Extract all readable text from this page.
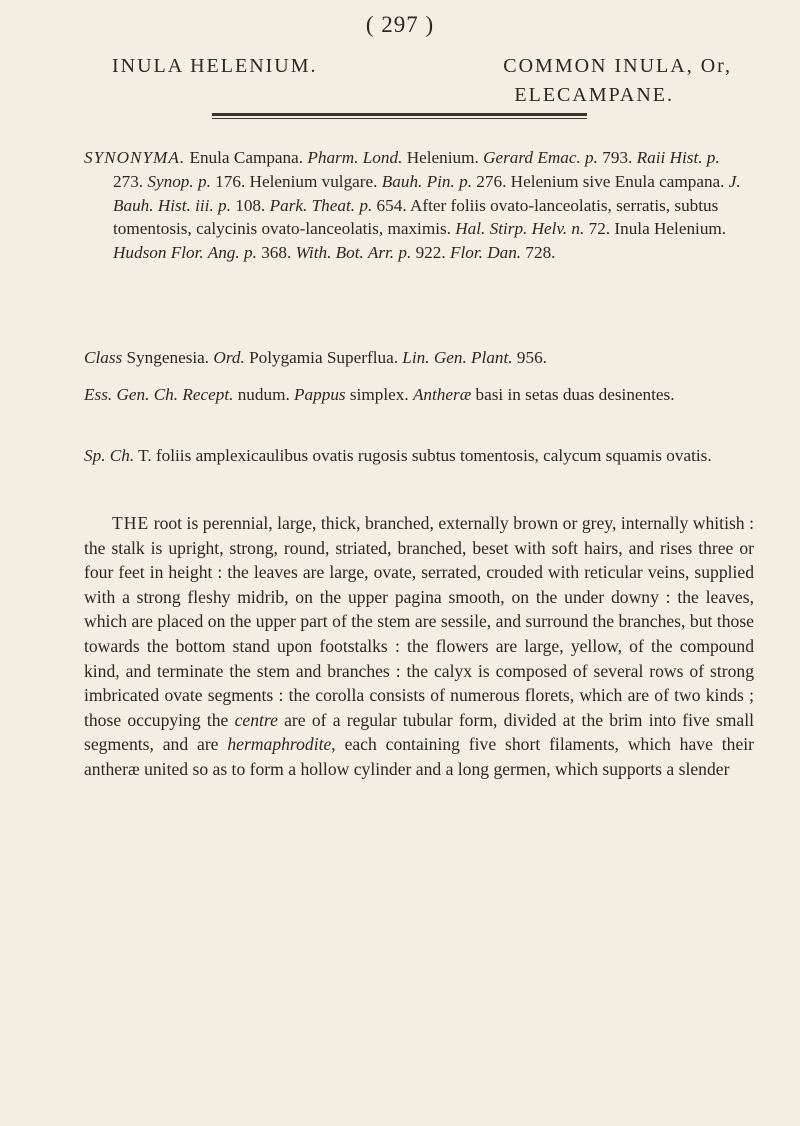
( 297 )
INULA HELENIUM.	COMMON INULA, Or,
ELECAMPANE.

SYNONYMA. Enula Campana. Pharm. Lond. Helenium. Gerard Emac. p. 793. Raii Hist. p. 273. Synop. p. 176. Helenium vulgare. Bauh. Pin. p. 276. Helenium sive Enula campana. J. Bauh. Hist. iii. p. 108. Park. Theat. p. 654. After foliis ovato-lanceolatis, serratis, subtus tomentosis, calycinis ovato-lanceolatis, maximis. Hal. Stirp. Helv. n. 72. Inula Helenium. Hudson Flor. Ang. p. 368. With. Bot. Arr. p. 922. Flor. Dan. 728.

Class Syngenesia. Ord. Polygamia Superflua. Lin. Gen. Plant. 956.

Ess. Gen. Ch. Recept. nudum. Pappus simplex. Antheræ basi in setas duas desinentes.

Sp. Ch. T. foliis amplexicaulibus ovatis rugosis subtus tomentosis, calycum squamis ovatis.

THE root is perennial, large, thick, branched, externally brown or grey, internally whitish : the stalk is upright, strong, round, striated, branched, beset with soft hairs, and rises three or four feet in height : the leaves are large, ovate, serrated, crouded with reticular veins, supplied with a strong fleshy midrib, on the upper pagina smooth, on the under downy : the leaves, which are placed on the upper part of the stem are sessile, and surround the branches, but those towards the bottom stand upon footstalks : the flowers are large, yellow, of the compound kind, and terminate the stem and branches : the calyx is composed of several rows of strong imbricated ovate segments : the corolla consists of numerous florets, which are of two kinds ; those occupying the centre are of a regular tubular form, divided at the brim into five small segments, and are hermaphrodite, each containing five short filaments, which have their antheræ united so as to form a hollow cylinder and a long germen, which supports a slender
